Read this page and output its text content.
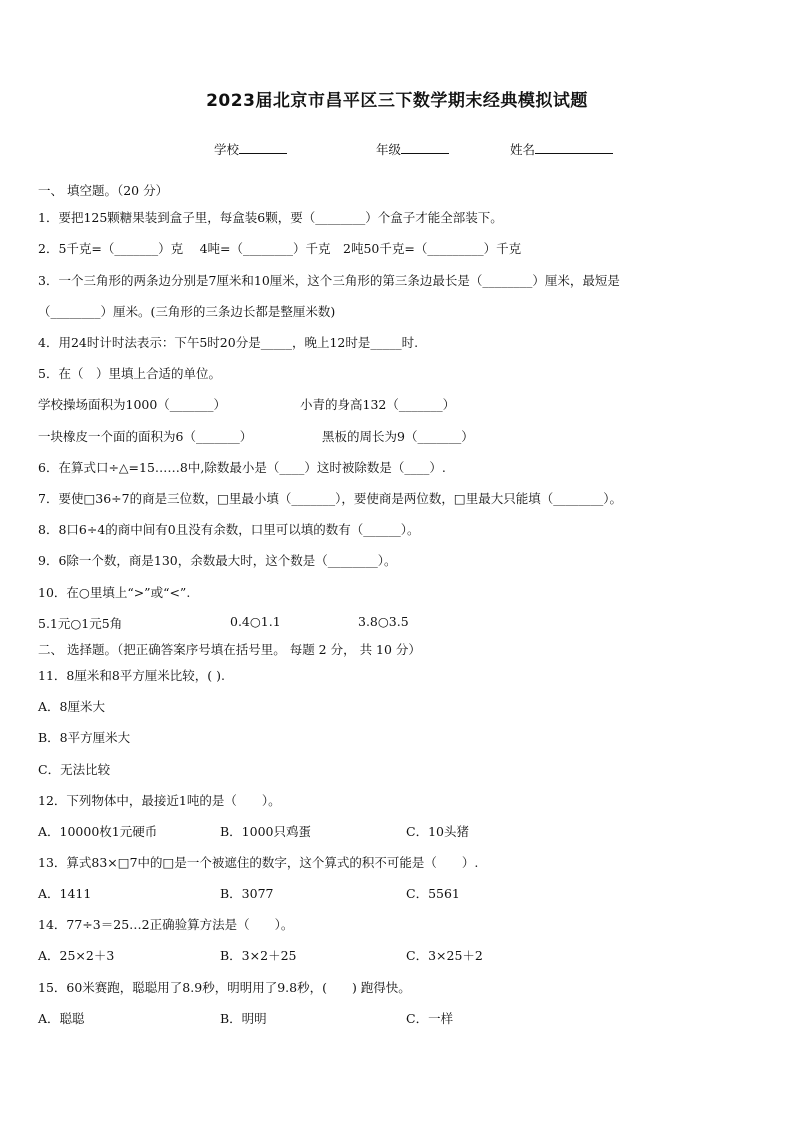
2023届北京市昌平区三下数学期末经典模拟试题
学校	年级	姓名
一、 填空题。（20 分）
1．要把125颗糖果装到盒子里，每盒装6颗，要（________）个盒子才能全部装下。
2．5千克=（_______）克　 4吨=（________）千克　2吨50千克=（_________）千克
3．一个三角形的两条边分别是7厘米和10厘米，这个三角形的第三条边最长是（________）厘米，最短是
（________）厘米。(三角形的三条边长都是整厘米数)
4．用24时计时法表示：下午5时20分是_____，晚上12时是_____时.
5．在（　）里填上合适的单位。
学校操场面积为1000（_______）	小青的身高132（_______）
一块橡皮一个面的面积为6（_______）	黑板的周长为9（_______）
6．在算式口÷△=15……8中,除数最小是（____）这时被除数是（____）.
7．要使□36÷7的商是三位数，□里最小填（_______），要使商是两位数，□里最大只能填（________）。
8．8口6÷4的商中间有0且没有余数，口里可以填的数有（______）。
9．6除一个数，商是130，余数最大时，这个数是（________）。
10．在○里填上“>”或“<”.
5.1元○1元5角	0.4○1.1	3.8○3.5
二、 选择题。（把正确答案序号填在括号里。 每题 2 分， 共 10 分）
11．8厘米和8平方厘米比较，( ).
A．8厘米大
B．8平方厘米大
C．无法比较
12．下列物体中，最接近1吨的是（　　）。
A．10000枚1元硬币	B．1000只鸡蛋	C．10头猪
13．算式83×□7中的□是一个被遮住的数字，这个算式的积不可能是（　　）.
A．1411	B．3077	C．5561
14．77÷3＝25…2正确验算方法是（　　）。
A．25×2＋3	B．3×2＋25	C．3×25＋2
15．60米赛跑，聪聪用了8.9秒，明明用了9.8秒，(　　) 跑得快。
A．聪聪	B．明明	C．一样
